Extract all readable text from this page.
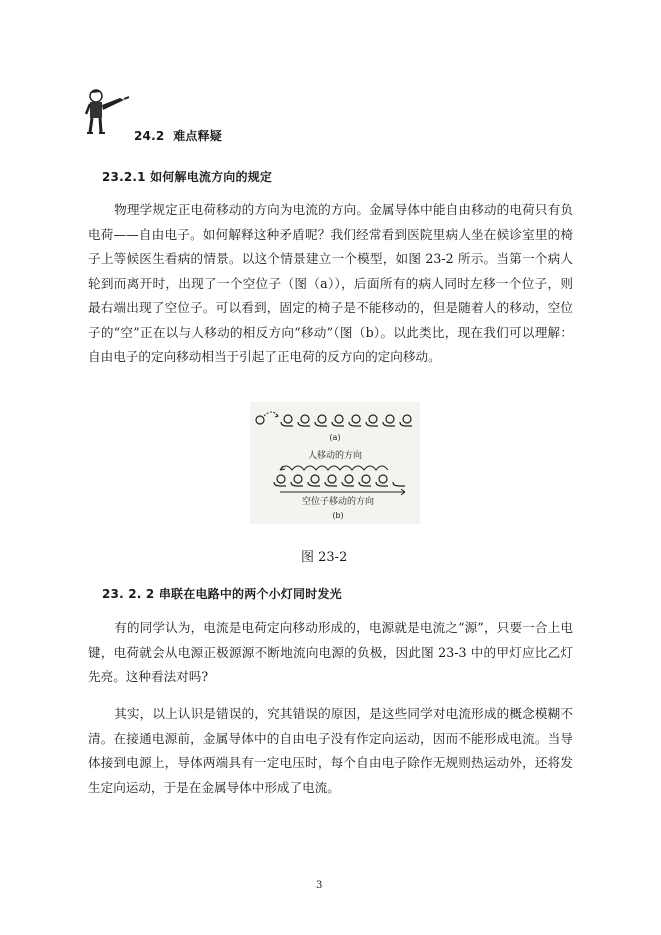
24.2 难点释疑
23.2.1 如何解电流方向的规定
物理学规定正电荷移动的方向为电流的方向。金属导体中能自由移动的电荷只有负电荷——自由电子。如何解释这种矛盾呢？我们经常看到医院里病人坐在候诊室里的椅子上等候医生看病的情景。以这个情景建立一个模型，如图 23-2 所示。当第一个病人轮到而离开时，出现了一个空位子（图（a）），后面所有的病人同时左移一个位子，则最右端出现了空位子。可以看到，固定的椅子是不能移动的，但是随着人的移动，空位子的“空”正在以与人移动的相反方向“移动”（图（b）。以此类比，现在我们可以理解：自由电子的定向移动相当于引起了正电荷的反方向的定向移动。
(a)
人移动的方向
空位子移动的方向
(b)
图 23-2
23. 2. 2 串联在电路中的两个小灯同时发光
有的同学认为，电流是电荷定向移动形成的，电源就是电流之“源”，只要一合上电键，电荷就会从电源正极源源不断地流向电源的负极，因此图 23-3 中的甲灯应比乙灯先亮。这种看法对吗?
其实，以上认识是错误的，究其错误的原因，是这些同学对电流形成的概念模糊不清。在接通电源前，金属导体中的自由电子没有作定向运动，因而不能形成电流。当导体接到电源上，导体两端具有一定电压时，每个自由电子除作无规则热运动外，还将发生定向运动，于是在金属导体中形成了电流。
3
